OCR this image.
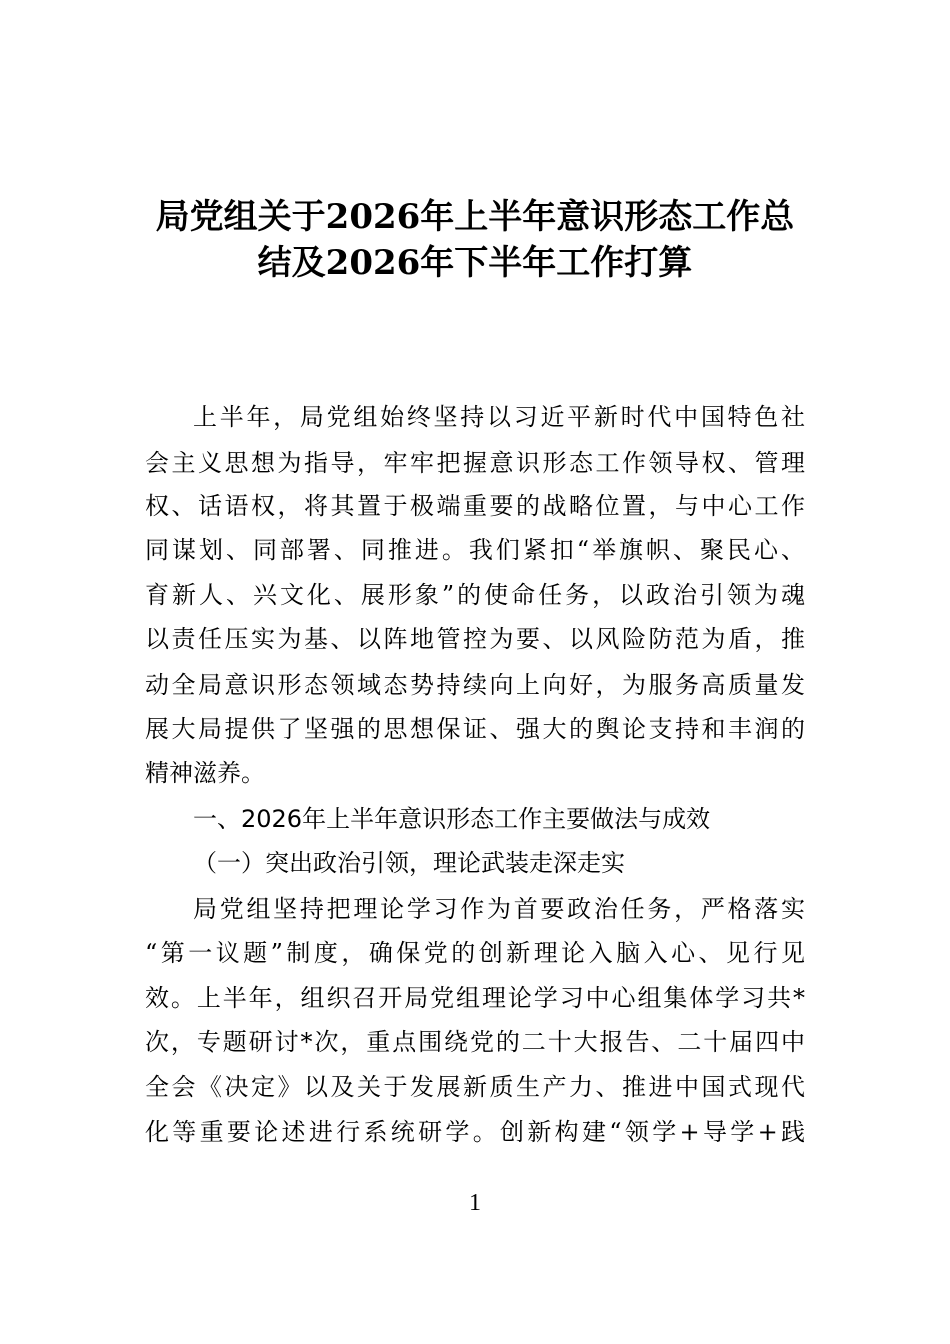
局党组关于2026年上半年意识形态工作总
结及2026年下半年工作打算
上半年，局党组始终坚持以习近平新时代中国特色社
会主义思想为指导，牢牢把握意识形态工作领导权、管理
权、话语权，将其置于极端重要的战略位置，与中心工作
同谋划、同部署、同推进。我们紧扣“举旗帜、聚民心、
育新人、兴文化、展形象”的使命任务，以政治引领为魂
以责任压实为基、以阵地管控为要、以风险防范为盾，推
动全局意识形态领域态势持续向上向好，为服务高质量发
展大局提供了坚强的思想保证、强大的舆论支持和丰润的
精神滋养。
一、2026年上半年意识形态工作主要做法与成效
（一）突出政治引领，理论武装走深走实
局党组坚持把理论学习作为首要政治任务，严格落实
“第一议题”制度，确保党的创新理论入脑入心、见行见
效。上半年，组织召开局党组理论学习中心组集体学习共*
次，专题研讨*次，重点围绕党的二十大报告、二十届四中
全会《决定》以及关于发展新质生产力、推进中国式现代
化等重要论述进行系统研学。创新构建“领学+导学+践
1
